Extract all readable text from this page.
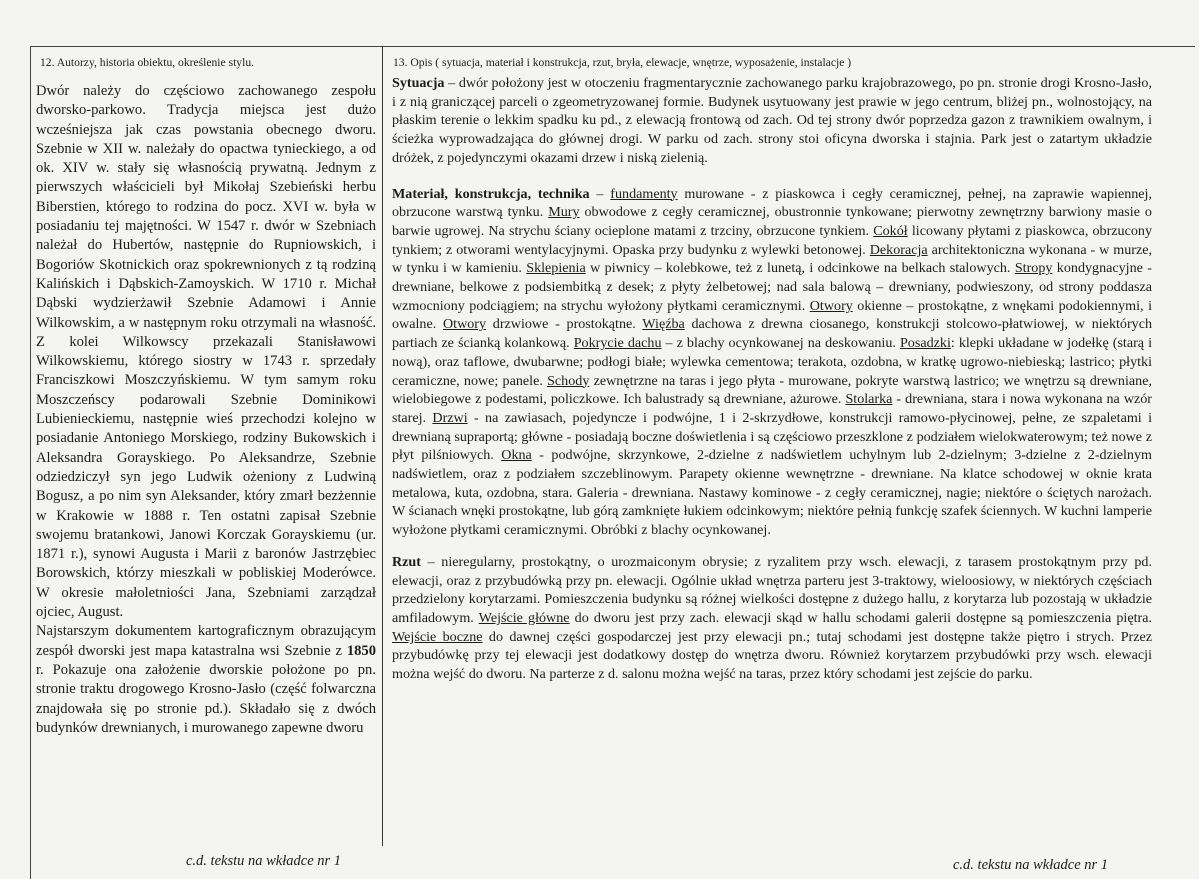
12. Autorzy, historia obiektu, określenie stylu.

Dwór należy do częściowo zachowanego zespołu dworsko-parkowo. Tradycja miejsca jest dużo wcześniejsza jak czas powstania obecnego dworu. Szebnie w XII w. należały do opactwa tynieckiego, a od ok. XIV w. stały się własnością prywatną. Jednym z pierwszych właścicieli był Mikołaj Szebieński herbu Biberstien, którego to rodzina do pocz. XVI w. była w posiadaniu tej majętności. W 1547 r. dwór w Szebniach należał do Hubertów, następnie do Rupniowskich, i Bogoriów Skotnickich oraz spokrewnionych z tą rodziną Kalińskich i Dąbskich-Zamoyskich. W 1710 r. Michał Dąbski wydzierżawił Szebnie Adamowi i Annie Wilkowskim, a w następnym roku otrzymali na własność. Z kolei Wilkowscy przekazali Stanisławowi Wilkowskiemu, którego siostry w 1743 r. sprzedały Franciszkowi Moszczyńskiemu. W tym samym roku Moszczeńscy podarowali Szebnie Dominikowi Lubienieckiemu, następnie wieś przechodzi kolejno w posiadanie Antoniego Morskiego, rodziny Bukowskich i Aleksandra Gorayskiego. Po Aleksandrze, Szebnie odziedziczył syn jego Ludwik ożeniony z Ludwiną Bogusz, a po nim syn Aleksander, który zmarł bezżennie w Krakowie w 1888 r. Ten ostatni zapisał Szebnie swojemu bratankowi, Janowi Korczak Gorayskiemu (ur. 1871 r.), synowi Augusta i Marii z baronów Jastrzębiec Borowskich, którzy mieszkali w pobliskiej Moderówce. W okresie małoletniości Jana, Szebniami zarządzał ojciec, August.

Najstarszym dokumentem kartograficznym obrazującym zespół dworski jest mapa katastralna wsi Szebnie z 1850 r. Pokazuje ona założenie dworskie położone po pn. stronie traktu drogowego Krosno-Jasło (część folwarczna znajdowała się po stronie pd.). Składało się z dwóch budynków drewnianych, i murowanego zapewne dworu

13. Opis ( sytuacja, materiał i konstrukcja, rzut, bryła, elewacje, wnętrze, wyposażenie, instalacje )

Sytuacja – dwór położony jest w otoczeniu fragmentarycznie zachowanego parku krajobrazowego, po pn. stronie drogi Krosno-Jasło, i z nią graniczącej parceli o zgeometryzowanej formie. Budynek usytuowany jest prawie w jego centrum, bliżej pn., wolnostojący, na płaskim terenie o lekkim spadku ku pd., z elewacją frontową od zach. Od tej strony dwór poprzedza gazon z trawnikiem owalnym, i ścieżka wyprowadzająca do głównej drogi. W parku od zach. strony stoi oficyna dworska i stajnia. Park jest o zatartym układzie dróżek, z pojedynczymi okazami drzew i niską zielenią.

Materiał, konstrukcja, technika – fundamenty murowane - z piaskowca i cegły ceramicznej, pełnej, na zaprawie wapiennej, obrzucone warstwą tynku. Mury obwodowe z cegły ceramicznej, obustronnie tynkowane; pierwotny zewnętrzny barwiony masie o barwie ugrowej. Na strychu ściany ocieplone matami z trzciny, obrzucone tynkiem. Cokół licowany płytami z piaskowca, obrzucony tynkiem; z otworami wentylacyjnymi. Opaska przy budynku z wylewki betonowej. Dekoracja architektoniczna wykonana - w murze, w tynku i w kamieniu. Sklepienia w piwnicy – kolebkowe, też z lunetą, i odcinkowe na belkach stalowych. Stropy kondygnacyjne - drewniane, belkowe z podsiembitką z desek; z płyty żelbetowej; nad sala balową – drewniany, podwieszony, od strony poddasza wzmocniony podciągiem; na strychu wyłożony płytkami ceramicznymi. Otwory okienne – prostokątne, z wnękami podokiennymi, i owalne. Otwory drzwiowe - prostokątne. Więźba dachowa z drewna ciosanego, konstrukcji stolcowo-płatwiowej, w niektórych partiach ze ścianką kolankową. Pokrycie dachu – z blachy ocynkowanej na deskowaniu. Posadzki: klepki układane w jodełkę (starą i nową), oraz taflowe, dwubarwne; podłogi białe; wylewka cementowa; terakota, ozdobna, w kratkę ugrowo-niebieską; lastrico; płytki ceramiczne, nowe; panele. Schody zewnętrzne na taras i jego płyta - murowane, pokryte warstwą lastrico; we wnętrzu są drewniane, wielobiegowe z podestami, policzkowe. Ich balustrady są drewniane, ażurowe. Stolarka - drewniana, stara i nowa wykonana na wzór starej. Drzwi - na zawiasach, pojedyncze i podwójne, 1 i 2-skrzydłowe, konstrukcji ramowo-płycinowej, pełne, ze szpaletami i drewnianą supraportą; główne - posiadają boczne doświetlenia i są częściowo przeszklone z podziałem wielokwaterowym; też nowe z płyt pilśniowych. Okna - podwójne, skrzynkowe, 2-dzielne z nadświetlem uchylnym lub 2-dzielnym; 3-dzielne z 2-dzielnym nadświetlem, oraz z podziałem szczeblinowym. Parapety okienne wewnętrzne - drewniane. Na klatce schodowej w oknie krata metalowa, kuta, ozdobna, stara. Galeria - drewniana. Nastawy kominowe - z cegły ceramicznej, nagie; niektóre o ściętych narożach. W ścianach wnęki prostokątne, lub górą zamknięte łukiem odcinkowym; niektóre pełnią funkcję szafek ściennych. W kuchni lamperie wyłożone płytkami ceramicznymi. Obróbki z blachy ocynkowanej.

Rzut – nieregularny, prostokątny, o urozmaiconym obrysie; z ryzalitem przy wsch. elewacji, z tarasem prostokątnym przy pd. elewacji, oraz z przybudówką przy pn. elewacji. Ogólnie układ wnętrza parteru jest 3-traktowy, wieloosiowy, w niektórych częściach przedzielony korytarzami. Pomieszczenia budynku są różnej wielkości dostępne z dużego hallu, z korytarza lub pozostają w układzie amfiladowym. Wejście główne do dworu jest przy zach. elewacji skąd w hallu schodami galerii dostępne są pomieszczenia piętra. Wejście boczne do dawnej części gospodarczej jest przy elewacji pn.; tutaj schodami jest dostępne także piętro i strych. Przez przybudówkę przy tej elewacji jest dodatkowy dostęp do wnętrza dworu. Również korytarzem przybudówki przy wsch. elewacji można wejść do dworu. Na parterze z d. salonu można wejść na taras, przez który schodami jest zejście do parku.

c.d. tekstu na wkładce nr 1	c.d. tekstu na wkładce nr 1
